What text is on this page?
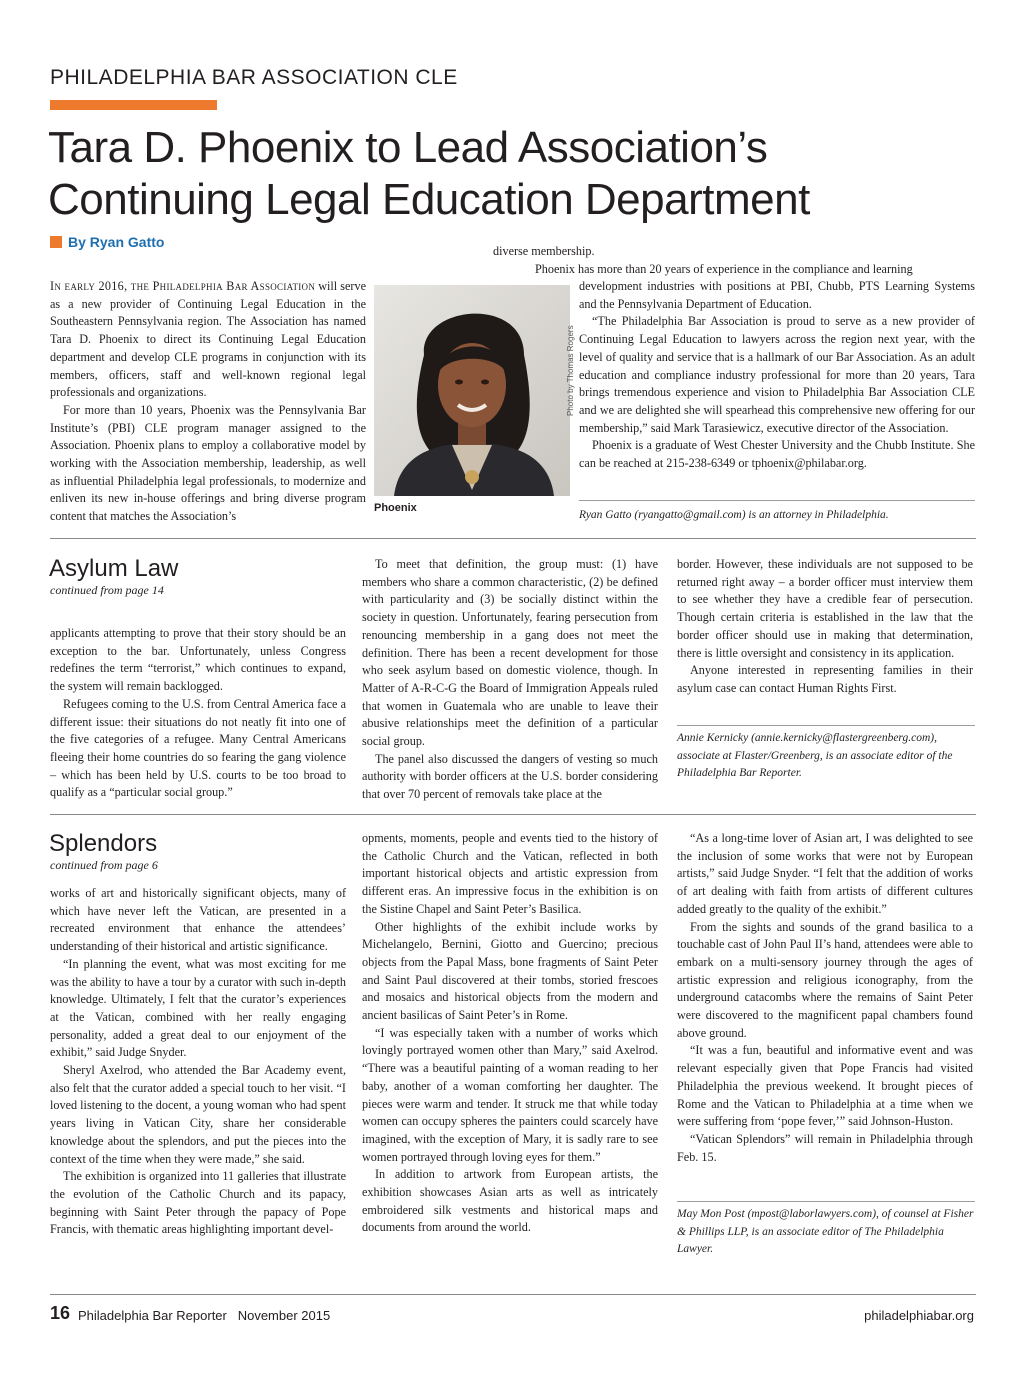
PHILADELPHIA BAR ASSOCIATION CLE
Tara D. Phoenix to Lead Association’s Continuing Legal Education Department
By Ryan Gatto

In early 2016, the Philadelphia Bar Association will serve as a new provider of Continuing Legal Education in the Southeastern Pennsylvania region. The Association has named Tara D. Phoenix to direct its Continuing Legal Education department and develop CLE programs in conjunction with its members, officers, staff and well-known regional legal professionals and organizations.

For more than 10 years, Phoenix was the Pennsylvania Bar Institute’s (PBI) CLE program manager assigned to the Association. Phoenix plans to employ a collaborative model by working with the Association membership, leadership, as well as influential Philadelphia legal professionals, to modernize and enliven its new in-house offerings and bring diverse program content that matches the Association’s

Photo by Thomas Rogers
Phoenix

diverse membership.

Phoenix has more than 20 years of experience in the compliance and learning

development industries with positions at PBI, Chubb, PTS Learning Systems and the Pennsylvania Department of Education.

“The Philadelphia Bar Association is proud to serve as a new provider of Continuing Legal Education to lawyers across the region next year, with the level of quality and service that is a hallmark of our Bar Association. As an adult education and compliance industry professional for more than 20 years, Tara brings tremendous experience and vision to Philadelphia Bar Association CLE and we are delighted she will spearhead this comprehensive new offering for our membership,” said Mark Tarasiewicz, executive director of the Association.

Phoenix is a graduate of West Chester University and the Chubb Institute. She can be reached at 215-238-6349 or tphoenix@philabar.org.

Ryan Gatto (ryangatto@gmail.com) is an attorney in Philadelphia.
Asylum Law
continued from page 14

applicants attempting to prove that their story should be an exception to the bar. Unfortunately, unless Congress redefines the term “terrorist,” which continues to expand, the system will remain backlogged.

Refugees coming to the U.S. from Central America face a different issue: their situations do not neatly fit into one of the five categories of a refugee. Many Central Americans fleeing their home countries do so fearing the gang violence – which has been held by U.S. courts to be too broad to qualify as a “particular social group.”

To meet that definition, the group must: (1) have members who share a common characteristic, (2) be defined with particularity and (3) be socially distinct within the society in question. Unfortunately, fearing persecution from renouncing membership in a gang does not meet the definition. There has been a recent development for those who seek asylum based on domestic violence, though. In Matter of A-R-C-G the Board of Immigration Appeals ruled that women in Guatemala who are unable to leave their abusive relationships meet the definition of a particular social group.

The panel also discussed the dangers of vesting so much authority with border officers at the U.S. border considering that over 70 percent of removals take place at the

border. However, these individuals are not supposed to be returned right away – a border officer must interview them to see whether they have a credible fear of persecution. Though certain criteria is established in the law that the border officer should use in making that determination, there is little oversight and consistency in its application.

Anyone interested in representing families in their asylum case can contact Human Rights First.

Annie Kernicky (annie.kernicky@flastergreenberg.com), associate at Flaster/Greenberg, is an associate editor of the Philadelphia Bar Reporter.
Splendors
continued from page 6

works of art and historically significant objects, many of which have never left the Vatican, are presented in a recreated environment that enhance the attendees’ understanding of their historical and artistic significance.

“In planning the event, what was most exciting for me was the ability to have a tour by a curator with such in-depth knowledge. Ultimately, I felt that the curator’s experiences at the Vatican, combined with her really engaging personality, added a great deal to our enjoyment of the exhibit,” said Judge Snyder.

Sheryl Axelrod, who attended the Bar Academy event, also felt that the curator added a special touch to her visit. “I loved listening to the docent, a young woman who had spent years living in Vatican City, share her considerable knowledge about the splendors, and put the pieces into the context of the time when they were made,” she said.

The exhibition is organized into 11 galleries that illustrate the evolution of the Catholic Church and its papacy, beginning with Saint Peter through the papacy of Pope Francis, with thematic areas highlighting important devel-

opments, moments, people and events tied to the history of the Catholic Church and the Vatican, reflected in both important historical objects and artistic expression from different eras. An impressive focus in the exhibition is on the Sistine Chapel and Saint Peter’s Basilica.

Other highlights of the exhibit include works by Michelangelo, Bernini, Giotto and Guercino; precious objects from the Papal Mass, bone fragments of Saint Peter and Saint Paul discovered at their tombs, storied frescoes and mosaics and historical objects from the modern and ancient basilicas of Saint Peter’s in Rome.

“I was especially taken with a number of works which lovingly portrayed women other than Mary,” said Axelrod. “There was a beautiful painting of a woman reading to her baby, another of a woman comforting her daughter. The pieces were warm and tender. It struck me that while today women can occupy spheres the painters could scarcely have imagined, with the exception of Mary, it is sadly rare to see women portrayed through loving eyes for them.”

In addition to artwork from European artists, the exhibition showcases Asian arts as well as intricately embroidered silk vestments and historical maps and documents from around the world.

“As a long-time lover of Asian art, I was delighted to see the inclusion of some works that were not by European artists,” said Judge Snyder. “I felt that the addition of works of art dealing with faith from artists of different cultures added greatly to the quality of the exhibit.”

From the sights and sounds of the grand basilica to a touchable cast of John Paul II’s hand, attendees were able to embark on a multi-sensory journey through the ages of artistic expression and religious iconography, from the underground catacombs where the remains of Saint Peter were discovered to the magnificent papal chambers found above ground.

“It was a fun, beautiful and informative event and was relevant especially given that Pope Francis had visited Philadelphia the previous weekend. It brought pieces of Rome and the Vatican to Philadelphia at a time when we were suffering from ‘pope fever,’” said Johnson-Huston.

“Vatican Splendors” will remain in Philadelphia through Feb. 15.

May Mon Post (mpost@laborlawyers.com), of counsel at Fisher & Phillips LLP, is an associate editor of The Philadelphia Lawyer.
16 Philadelphia Bar Reporter   November 2015	philadelphiabar.org
